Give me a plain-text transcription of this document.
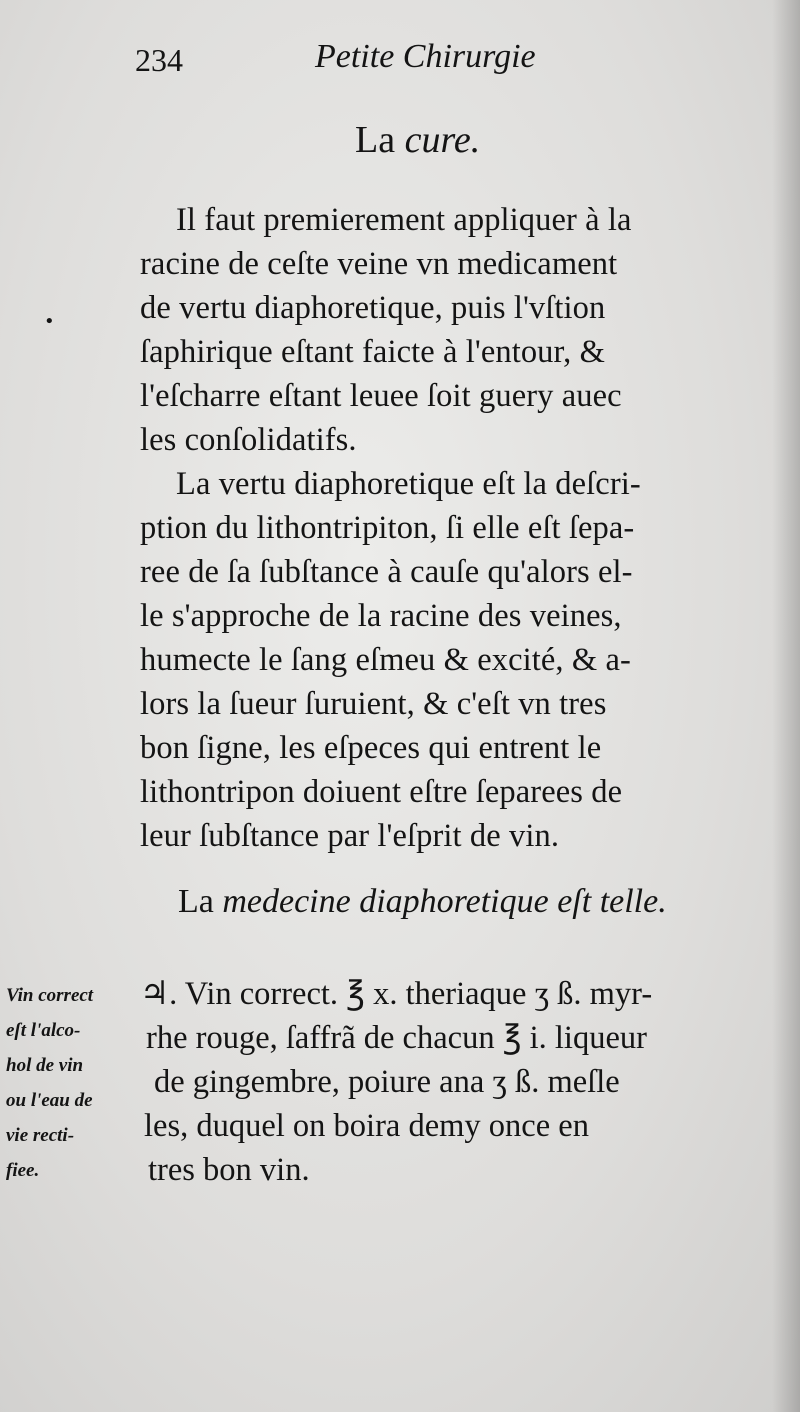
234	Petite Chirurgie
La cure.
•
Il faut premierement appliquer à la
racine de ceſte veine vn medicament
de vertu diaphoretique, puis l'vſtion
ſaphirique eſtant faicte à l'entour, &
l'eſcharre eſtant leuee ſoit guery auec
les conſolidatifs.
La vertu diaphoretique eſt la deſcri-
ption du lithontripiton, ſi elle eſt ſepa-
ree de ſa ſubſtance à cauſe qu'alors el-
le s'approche de la racine des veines,
humecte le ſang eſmeu & excité, & a-
lors la ſueur ſuruient, & c'eſt vn tres
bon ſigne, les eſpeces qui entrent le
lithontripon doiuent eſtre ſeparees de
leur ſubſtance par l'eſprit de vin.
La medecine diaphoretique eſt telle.
Vin correct
eſt l'alco-
hol de vin
ou l'eau de
vie recti-
fiee.
♃. Vin correct. ℥ x. theriaque ʒ ß. myr-
rhe rouge, ſaffrã de chacun ℥ i. liqueur
de gingembre, poiure ana ʒ ß. meſle
les, duquel on boira demy once en
tres bon vin.
